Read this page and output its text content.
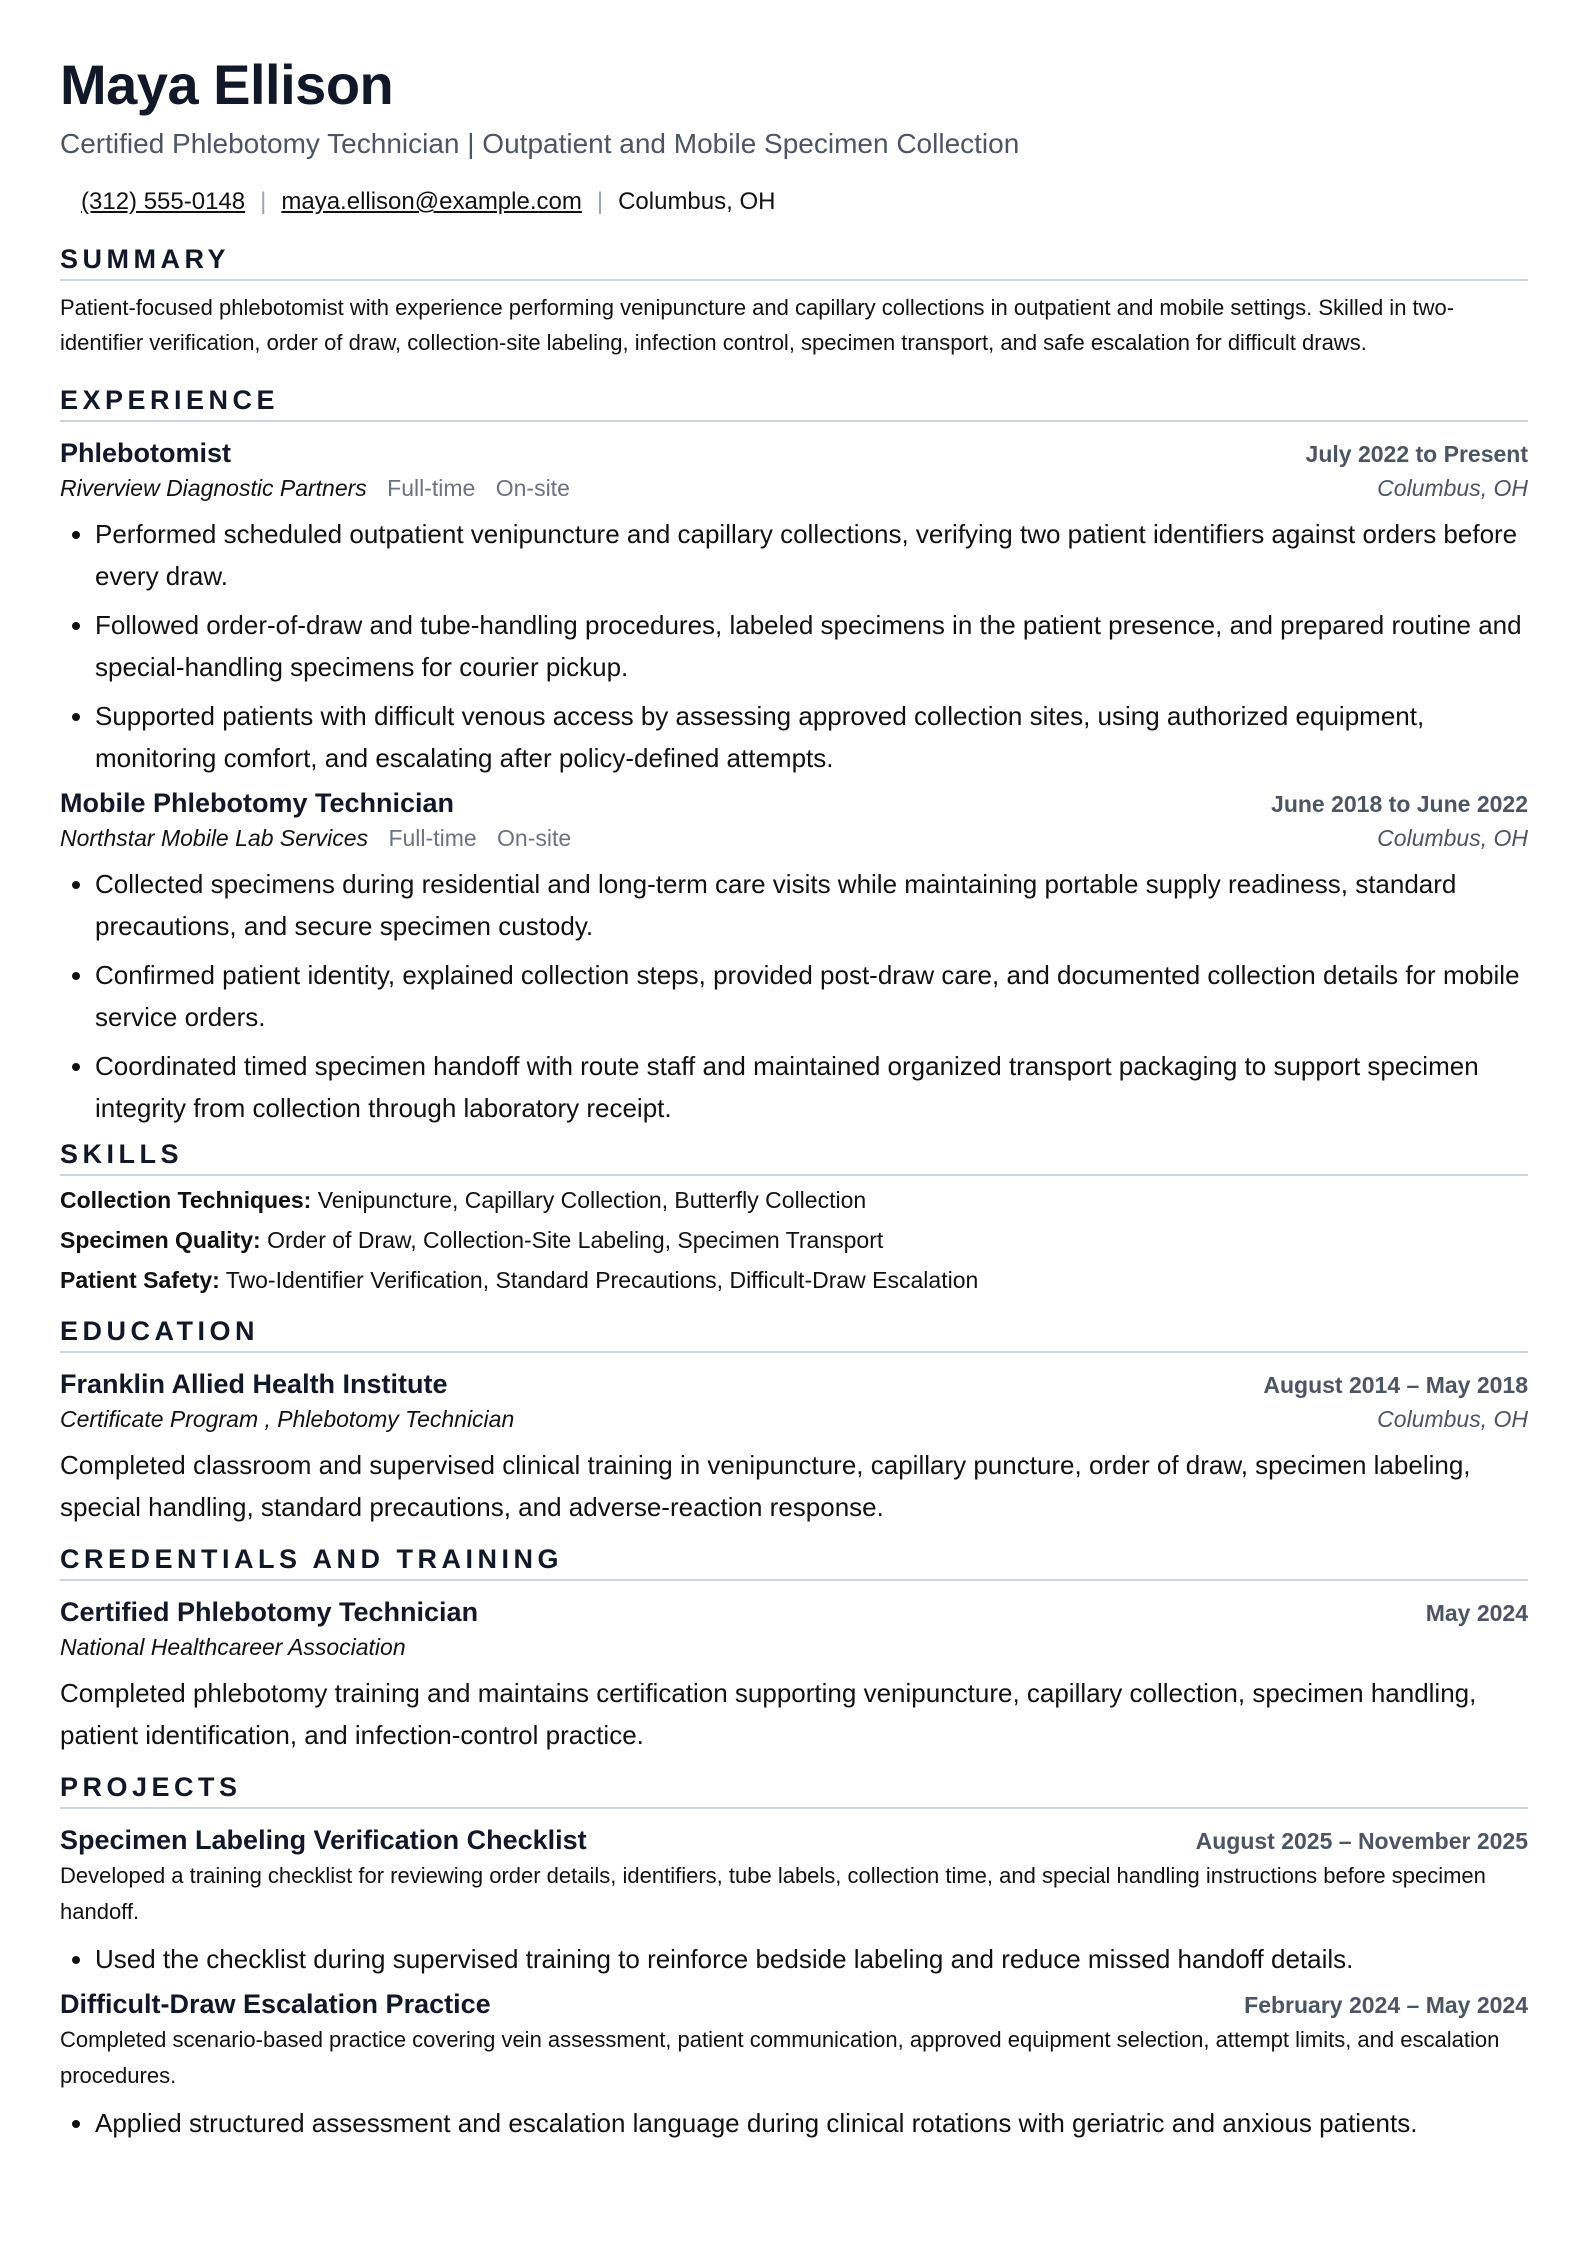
Maya Ellison
Certified Phlebotomy Technician | Outpatient and Mobile Specimen Collection
(312) 555-0148 | maya.ellison@example.com | Columbus, OH
SUMMARY
Patient-focused phlebotomist with experience performing venipuncture and capillary collections in outpatient and mobile settings. Skilled in two-identifier verification, order of draw, collection-site labeling, infection control, specimen transport, and safe escalation for difficult draws.
EXPERIENCE
Phlebotomist	July 2022 to Present
Riverview Diagnostic Partners Full-time On-site	Columbus, OH
• Performed scheduled outpatient venipuncture and capillary collections, verifying two patient identifiers against orders before every draw.
• Followed order-of-draw and tube-handling procedures, labeled specimens in the patient presence, and prepared routine and special-handling specimens for courier pickup.
• Supported patients with difficult venous access by assessing approved collection sites, using authorized equipment, monitoring comfort, and escalating after policy-defined attempts.
Mobile Phlebotomy Technician	June 2018 to June 2022
Northstar Mobile Lab Services Full-time On-site	Columbus, OH
• Collected specimens during residential and long-term care visits while maintaining portable supply readiness, standard precautions, and secure specimen custody.
• Confirmed patient identity, explained collection steps, provided post-draw care, and documented collection details for mobile service orders.
• Coordinated timed specimen handoff with route staff and maintained organized transport packaging to support specimen integrity from collection through laboratory receipt.
SKILLS
Collection Techniques: Venipuncture, Capillary Collection, Butterfly Collection
Specimen Quality: Order of Draw, Collection-Site Labeling, Specimen Transport
Patient Safety: Two-Identifier Verification, Standard Precautions, Difficult-Draw Escalation
EDUCATION
Franklin Allied Health Institute	August 2014 – May 2018
Certificate Program , Phlebotomy Technician	Columbus, OH
Completed classroom and supervised clinical training in venipuncture, capillary puncture, order of draw, specimen labeling, special handling, standard precautions, and adverse-reaction response.
CREDENTIALS AND TRAINING
Certified Phlebotomy Technician	May 2024
National Healthcareer Association
Completed phlebotomy training and maintains certification supporting venipuncture, capillary collection, specimen handling, patient identification, and infection-control practice.
PROJECTS
Specimen Labeling Verification Checklist	August 2025 – November 2025
Developed a training checklist for reviewing order details, identifiers, tube labels, collection time, and special handling instructions before specimen handoff.
• Used the checklist during supervised training to reinforce bedside labeling and reduce missed handoff details.
Difficult-Draw Escalation Practice	February 2024 – May 2024
Completed scenario-based practice covering vein assessment, patient communication, approved equipment selection, attempt limits, and escalation procedures.
• Applied structured assessment and escalation language during clinical rotations with geriatric and anxious patients.
